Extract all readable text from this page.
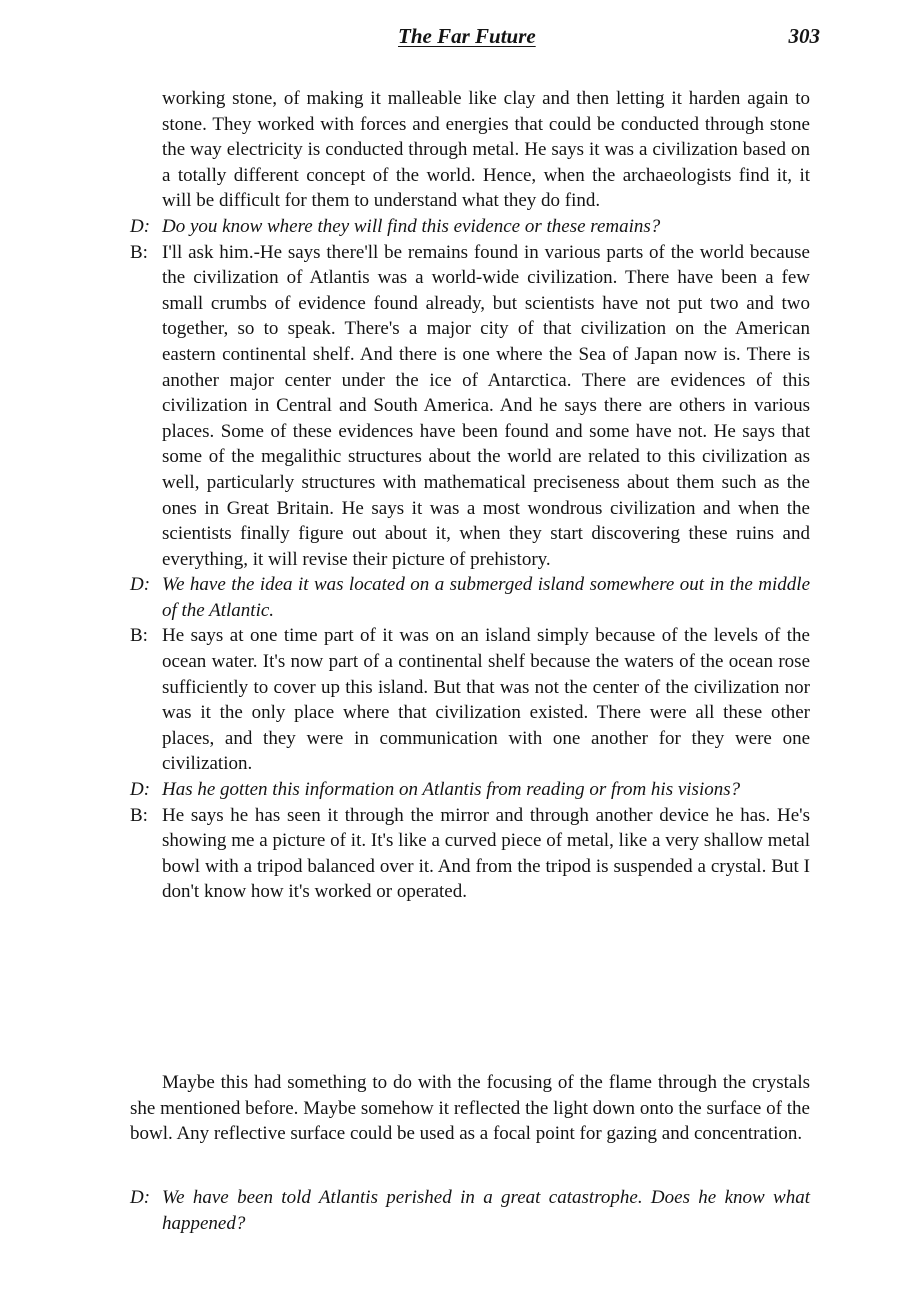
The Far Future	303
working stone, of making it malleable like clay and then letting it harden again to stone. They worked with forces and energies that could be conducted through stone the way electricity is conducted through metal. He says it was a civilization based on a totally different concept of the world. Hence, when the archaeologists find it, it will be difficult for them to understand what they do find.
D: Do you know where they will find this evidence or these remains?
B: I'll ask him.-He says there'll be remains found in various parts of the world because the civilization of Atlantis was a world-wide civilization. There have been a few small crumbs of evidence found already, but scientists have not put two and two together, so to speak. There's a major city of that civilization on the American eastern continental shelf. And there is one where the Sea of Japan now is. There is another major center under the ice of Antarctica. There are evidences of this civilization in Central and South America. And he says there are others in various places. Some of these evidences have been found and some have not. He says that some of the megalithic structures about the world are related to this civilization as well, particularly structures with mathematical preciseness about them such as the ones in Great Britain. He says it was a most wondrous civilization and when the scientists finally figure out about it, when they start discovering these ruins and everything, it will revise their picture of prehistory.
D: We have the idea it was located on a submerged island somewhere out in the middle of the Atlantic.
B: He says at one time part of it was on an island simply because of the levels of the ocean water. It's now part of a continental shelf because the waters of the ocean rose sufficiently to cover up this island. But that was not the center of the civilization nor was it the only place where that civilization existed. There were all these other places, and they were in communication with one another for they were one civilization.
D: Has he gotten this information on Atlantis from reading or from his visions?
B: He says he has seen it through the mirror and through another device he has. He's showing me a picture of it. It's like a curved piece of metal, like a very shallow metal bowl with a tripod balanced over it. And from the tripod is suspended a crystal. But I don't know how it's worked or operated.
Maybe this had something to do with the focusing of the flame through the crystals she mentioned before. Maybe somehow it reflected the light down onto the surface of the bowl. Any reflective surface could be used as a focal point for gazing and concentration.
D: We have been told Atlantis perished in a great catastrophe. Does he know what happened?
